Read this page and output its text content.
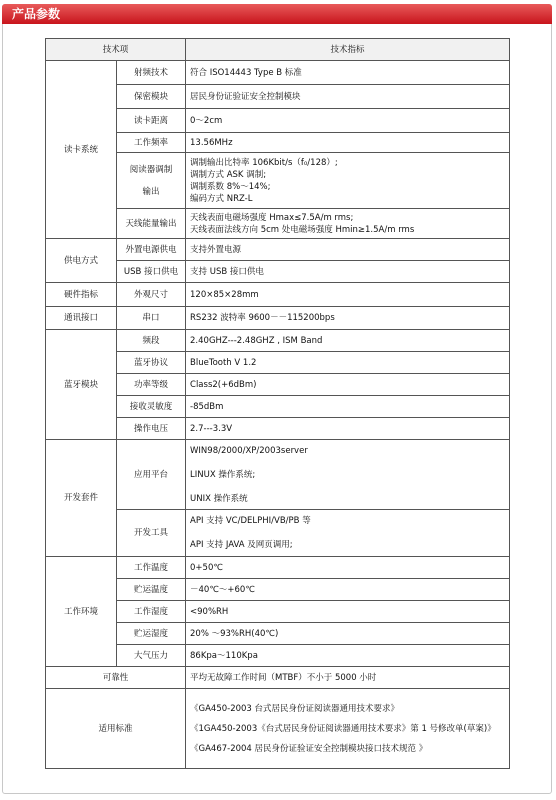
产品参数
技术项		技术指标
读卡系统	射频技术	符合 ISO14443 Type B 标准
	保密模块	居民身份证验证安全控制模块
	读卡距离	0～2cm
	工作频率	13.56MHz

	阅读器调制
输出	调制输出比特率 106Kbit/s（f₀/128）;
调制方式 ASK 调制;
调制系数 8%～14%;
编码方式 NRZ-L

	天线能量输出	天线表面电磁场强度 Hmax≤7.5A/m rms;
天线表面法线方向 5cm 处电磁场强度 Hmin≥1.5A/m rms

供电方式	外置电源供电	支持外置电源
	USB 接口供电	支持 USB 接口供电
硬件指标	外观尺寸	120×85×28mm
通讯接口	串口	RS232 波特率 9600－－115200bps
蓝牙模块	频段	2.40GHZ---2.48GHZ , ISM Band
	蓝牙协议	BlueTooth V 1.2
	功率等级	Class2(+6dBm)
	接收灵敏度	-85dBm
	操作电压	2.7---3.3V
开发套件	应用平台	WIN98/2000/XP/2003server
LINUX 操作系统;
UNIX 操作系统

	开发工具	API 支持 VC/DELPHI/VB/PB 等
API 支持 JAVA 及网页调用;

工作环境	工作温度	0+50℃
	贮运温度	－40℃～+60℃
	工作湿度	<90%RH
	贮运湿度	20% ～93%RH(40℃)
	大气压力	86Kpa～110Kpa
可靠性		平均无故障工作时间（MTBF）不小于 5000 小时
适用标准		《GA450-2003 台式居民身份证阅读器通用技术要求》
《1GA450-2003《台式居民身份证阅读器通用技术要求》第 1 号修改单(草案)》
《GA467-2004 居民身份证验证安全控制模块接口技术规范 》
